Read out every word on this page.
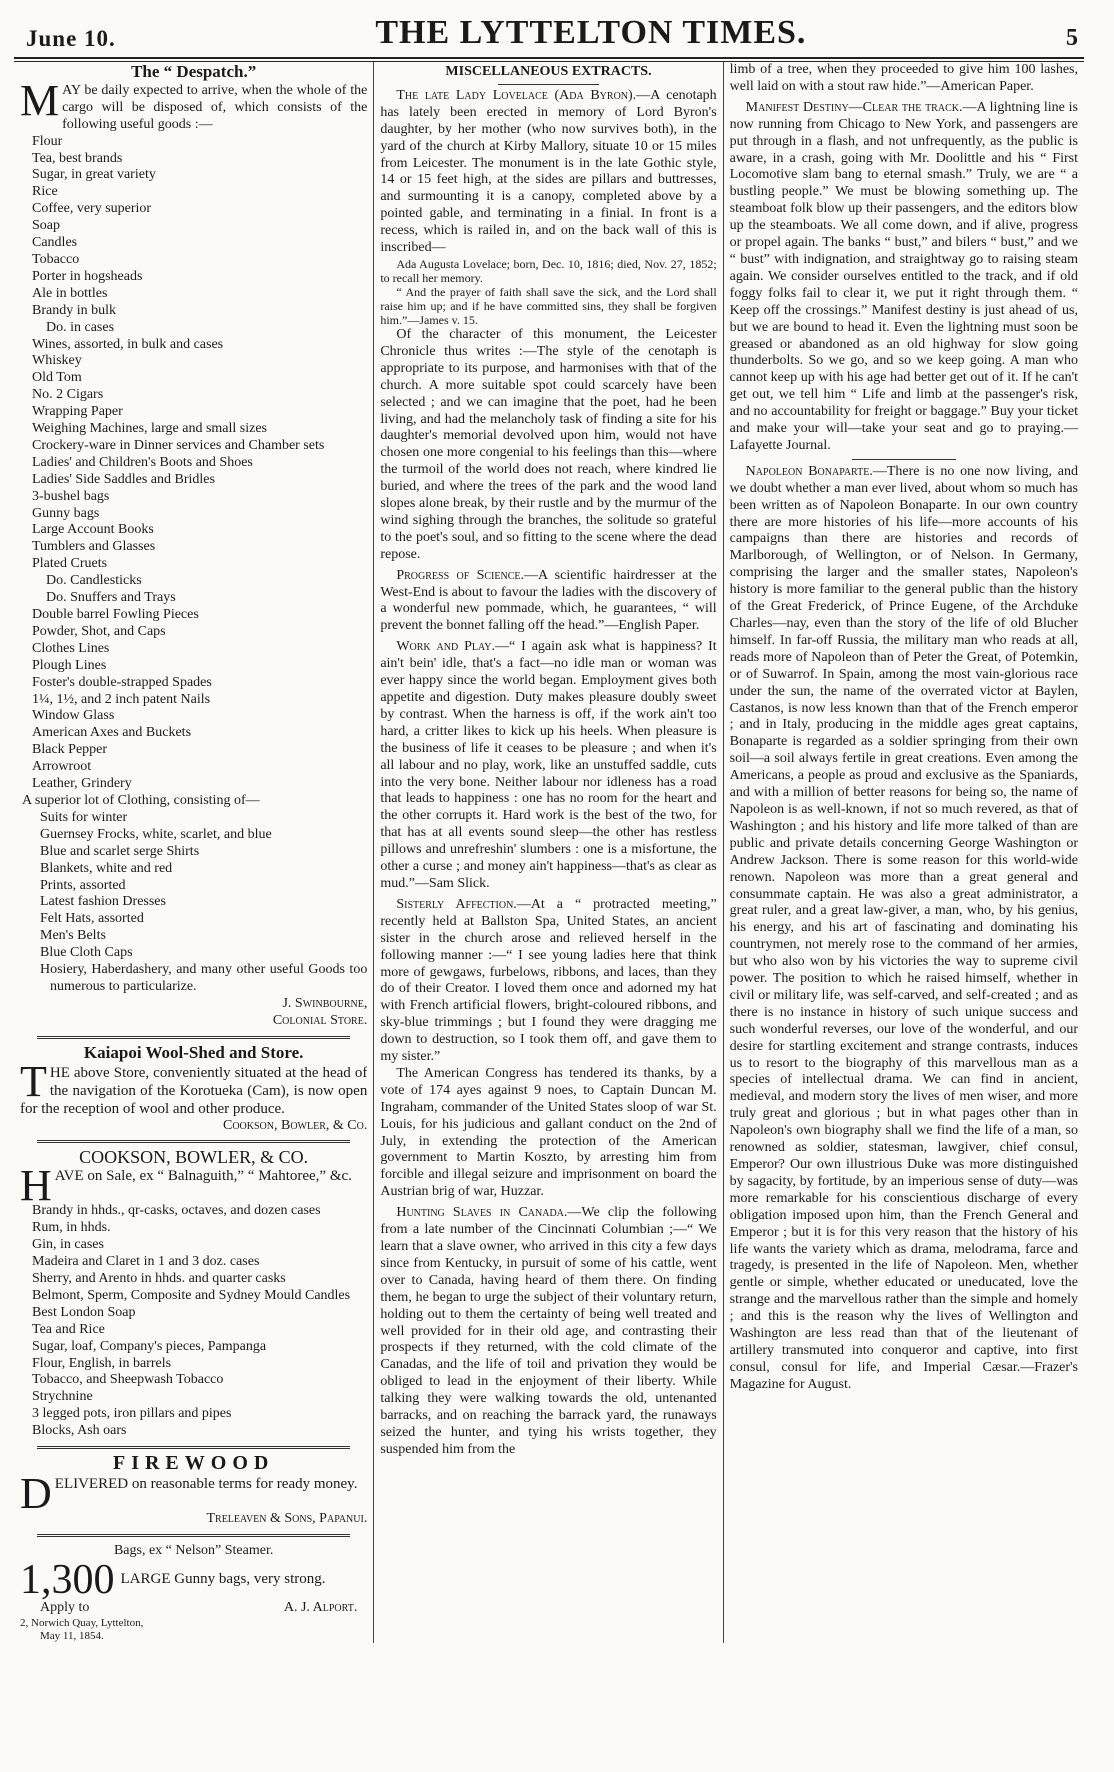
June 10.	THE LYTTELTON TIMES.	5
The “ Despatch.”
MAY be daily expected to arrive, when the whole of the cargo will be disposed of, which consists of the following useful goods :—
Flour
Tea, best brands
Sugar, in great variety
Rice
Coffee, very superior
Soap
Candles
Tobacco
Porter in hogsheads
Ale in bottles
Brandy in bulk
Do. in cases
Wines, assorted, in bulk and cases
Whiskey
Old Tom
No. 2 Cigars
Wrapping Paper
Weighing Machines, large and small sizes
Crockery-ware in Dinner services and Chamber sets
Ladies' and Children's Boots and Shoes
Ladies' Side Saddles and Bridles
3-bushel bags
Gunny bags
Large Account Books
Tumblers and Glasses
Plated Cruets
Do. Candlesticks
Do. Snuffers and Trays
Double barrel Fowling Pieces
Powder, Shot, and Caps
Clothes Lines
Plough Lines
Foster's double-strapped Spades
1¼, 1½, and 2 inch patent Nails
Window Glass
American Axes and Buckets
Black Pepper
Arrowroot
Leather, Grindery
A superior lot of Clothing, consisting of—
Suits for winter
Guernsey Frocks, white, scarlet, and blue
Blue and scarlet serge Shirts
Blankets, white and red
Prints, assorted
Latest fashion Dresses
Felt Hats, assorted
Men's Belts
Blue Cloth Caps
Hosiery, Haberdashery, and many other useful Goods too numerous to particularize.
J. Swinbourne,
Colonial Store.
Kaiapoi Wool-Shed and Store.
THE above Store, conveniently situated at the head of the navigation of the Korotueka (Cam), is now open for the reception of wool and other produce.
Cookson, Bowler, & Co.
COOKSON, BOWLER, & CO.
HAVE on Sale, ex “ Balnaguith,” “ Mahtoree,” &c.
Brandy in hhds., qr-casks, octaves, and dozen cases
Rum, in hhds.
Gin, in cases
Madeira and Claret in 1 and 3 doz. cases
Sherry, and Arento in hhds. and quarter casks
Belmont, Sperm, Composite and Sydney Mould Candles
Best London Soap
Tea and Rice
Sugar, loaf, Company's pieces, Pampanga
Flour, English, in barrels
Tobacco, and Sheepwash Tobacco
Strychnine
3 legged pots, iron pillars and pipes
Blocks, Ash oars
FIREWOOD
DELIVERED on reasonable terms for ready money.
Treleaven & Sons, Papanui.
Bags, ex “ Nelson” Steamer.
1,300 LARGE Gunny bags, very strong.
Apply to	A. J. Alport.
2, Norwich Quay, Lyttelton,
May 11, 1854.
MISCELLANEOUS EXTRACTS.

The late Lady Lovelace (Ada Byron).—A cenotaph has lately been erected in memory of Lord Byron's daughter, by her mother (who now survives both), in the yard of the church at Kirby Mallory, situate 10 or 15 miles from Leicester. The monument is in the late Gothic style, 14 or 15 feet high, at the sides are pillars and buttresses, and surmounting it is a canopy, completed above by a pointed gable, and terminating in a finial. In front is a recess, which is railed in, and on the back wall of this is inscribed—

Ada Augusta Lovelace; born, Dec. 10, 1816; died, Nov. 27, 1852; to recall her memory.

“ And the prayer of faith shall save the sick, and the Lord shall raise him up; and if he have committed sins, they shall be forgiven him.”—James v. 15.

Of the character of this monument, the Leicester Chronicle thus writes :—The style of the cenotaph is appropriate to its purpose, and harmonises with that of the church. A more suitable spot could scarcely have been selected ; and we can imagine that the poet, had he been living, and had the melancholy task of finding a site for his daughter's memorial devolved upon him, would not have chosen one more congenial to his feelings than this—where the turmoil of the world does not reach, where kindred lie buried, and where the trees of the park and the wood land slopes alone break, by their rustle and by the murmur of the wind sighing through the branches, the solitude so grateful to the poet's soul, and so fitting to the scene where the dead repose.

Progress of Science.—A scientific hairdresser at the West-End is about to favour the ladies with the discovery of a wonderful new pommade, which, he guarantees, “ will prevent the bonnet falling off the head.”—English Paper.

Work and Play.—“ I again ask what is happiness? It ain't bein' idle, that's a fact—no idle man or woman was ever happy since the world began. Employment gives both appetite and digestion. Duty makes pleasure doubly sweet by contrast. When the harness is off, if the work ain't too hard, a critter likes to kick up his heels. When pleasure is the business of life it ceases to be pleasure ; and when it's all labour and no play, work, like an unstuffed saddle, cuts into the very bone. Neither labour nor idleness has a road that leads to happiness : one has no room for the heart and the other corrupts it. Hard work is the best of the two, for that has at all events sound sleep—the other has restless pillows and unrefreshin' slumbers : one is a misfortune, the other a curse ; and money ain't happiness—that's as clear as mud.”—Sam Slick.

Sisterly Affection.—At a “ protracted meeting,” recently held at Ballston Spa, United States, an ancient sister in the church arose and relieved herself in the following manner :—“ I see young ladies here that think more of gewgaws, furbelows, ribbons, and laces, than they do of their Creator. I loved them once and adorned my hat with French artificial flowers, bright-coloured ribbons, and sky-blue trimmings ; but I found they were dragging me down to destruction, so I took them off, and gave them to my sister.”

The American Congress has tendered its thanks, by a vote of 174 ayes against 9 noes, to Captain Duncan M. Ingraham, commander of the United States sloop of war St. Louis, for his judicious and gallant conduct on the 2nd of July, in extending the protection of the American government to Martin Koszto, by arresting him from forcible and illegal seizure and imprisonment on board the Austrian brig of war, Huzzar.

Hunting Slaves in Canada.—We clip the following from a late number of the Cincinnati Columbian ;—“ We learn that a slave owner, who arrived in this city a few days since from Kentucky, in pursuit of some of his cattle, went over to Canada, having heard of them there. On finding them, he began to urge the subject of their voluntary return, holding out to them the certainty of being well treated and well provided for in their old age, and contrasting their prospects if they returned, with the cold climate of the Canadas, and the life of toil and privation they would be obliged to lead in the enjoyment of their liberty. While talking they were walking towards the old, untenanted barracks, and on reaching the barrack yard, the runaways seized the hunter, and tying his wrists together, they suspended him from the

limb of a tree, when they proceeded to give him 100 lashes, well laid on with a stout raw hide.”—American Paper.

Manifest Destiny—Clear the track.—A lightning line is now running from Chicago to New York, and passengers are put through in a flash, and not unfrequently, as the public is aware, in a crash, going with Mr. Doolittle and his “ First Locomotive slam bang to eternal smash.” Truly, we are “ a bustling people.” We must be blowing something up. The steamboat folk blow up their passengers, and the editors blow up the steamboats. We all come down, and if alive, progress or propel again. The banks “ bust,” and bilers “ bust,” and we “ bust” with indignation, and straightway go to raising steam again. We consider ourselves entitled to the track, and if old foggy folks fail to clear it, we put it right through them. “ Keep off the crossings.” Manifest destiny is just ahead of us, but we are bound to head it. Even the lightning must soon be greased or abandoned as an old highway for slow going thunderbolts. So we go, and so we keep going. A man who cannot keep up with his age had better get out of it. If he can't get out, we tell him “ Life and limb at the passenger's risk, and no accountability for freight or baggage.” Buy your ticket and make your will—take your seat and go to praying.—Lafayette Journal.

Napoleon Bonaparte.—There is no one now living, and we doubt whether a man ever lived, about whom so much has been written as of Napoleon Bonaparte. In our own country there are more histories of his life—more accounts of his campaigns than there are histories and records of Marlborough, of Wellington, or of Nelson. In Germany, comprising the larger and the smaller states, Napoleon's history is more familiar to the general public than the history of the Great Frederick, of Prince Eugene, of the Archduke Charles—nay, even than the story of the life of old Blucher himself. In far-off Russia, the military man who reads at all, reads more of Napoleon than of Peter the Great, of Potemkin, or of Suwarrof. In Spain, among the most vain-glorious race under the sun, the name of the overrated victor at Baylen, Castanos, is now less known than that of the French emperor ; and in Italy, producing in the middle ages great captains, Bonaparte is regarded as a soldier springing from their own soil—a soil always fertile in great creations. Even among the Americans, a people as proud and exclusive as the Spaniards, and with a million of better reasons for being so, the name of Napoleon is as well-known, if not so much revered, as that of Washington ; and his history and life more talked of than are public and private details concerning George Washington or Andrew Jackson. There is some reason for this world-wide renown. Napoleon was more than a great general and consummate captain. He was also a great administrator, a great ruler, and a great law-giver, a man, who, by his genius, his energy, and his art of fascinating and dominating his countrymen, not merely rose to the command of her armies, but who also won by his victories the way to supreme civil power. The position to which he raised himself, whether in civil or military life, was self-carved, and self-created ; and as there is no instance in history of such unique success and such wonderful reverses, our love of the wonderful, and our desire for startling excitement and strange contrasts, induces us to resort to the biography of this marvellous man as a species of intellectual drama. We can find in ancient, medieval, and modern story the lives of men wiser, and more truly great and glorious ; but in what pages other than in Napoleon's own biography shall we find the life of a man, so renowned as soldier, statesman, lawgiver, chief consul, Emperor? Our own illustrious Duke was more distinguished by sagacity, by fortitude, by an imperious sense of duty—was more remarkable for his conscientious discharge of every obligation imposed upon him, than the French General and Emperor ; but it is for this very reason that the history of his life wants the variety which as drama, melodrama, farce and tragedy, is presented in the life of Napoleon. Men, whether gentle or simple, whether educated or uneducated, love the strange and the marvellous rather than the simple and homely ; and this is the reason why the lives of Wellington and Washington are less read than that of the lieutenant of artillery transmuted into conqueror and captive, into first consul, consul for life, and Imperial Cæsar.—Frazer's Magazine for August.
